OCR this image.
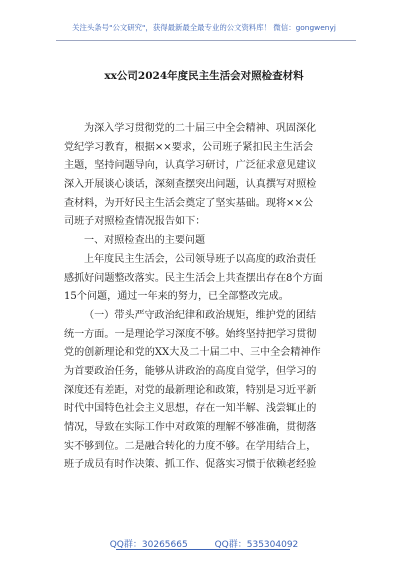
关注头条号"公文研究"，获得最新最全最专业的公文资料库！ 微信：gongwenyj
xx公司2024年度民主生活会对照检查材料
为深入学习贯彻党的二十届三中全会精神、巩固深化
党纪学习教育，根据××要求，公司班子紧扣民主生活会
主题，坚持问题导向，认真学习研讨，广泛征求意见建议
深入开展谈心谈话，深刻查摆突出问题，认真撰写对照检
查材料，为开好民主生活会奠定了坚实基础。现将××公
司班子对照检查情况报告如下：
一、对照检查出的主要问题
上年度民主生活会，公司领导班子以高度的政治责任
感抓好问题整改落实。民主生活会上共查摆出存在8个方面
15个问题，通过一年来的努力，已全部整改完成。
（一）带头严守政治纪律和政治规矩，维护党的团结
统一方面。一是理论学习深度不够。始终坚持把学习贯彻
党的创新理论和党的XX大及二十届二中、三中全会精神作
为首要政治任务，能够从讲政治的高度自觉学，但学习的
深度还有差距，对党的最新理论和政策，特别是习近平新
时代中国特色社会主义思想，存在一知半解、浅尝辄止的
情况，导致在实际工作中对政策的理解不够准确，贯彻落
实不够到位。二是融合转化的力度不够。在学用结合上，
班子成员有时作决策、抓工作、促落实习惯于依赖老经验
QQ群：30265665	QQ群：535304092
